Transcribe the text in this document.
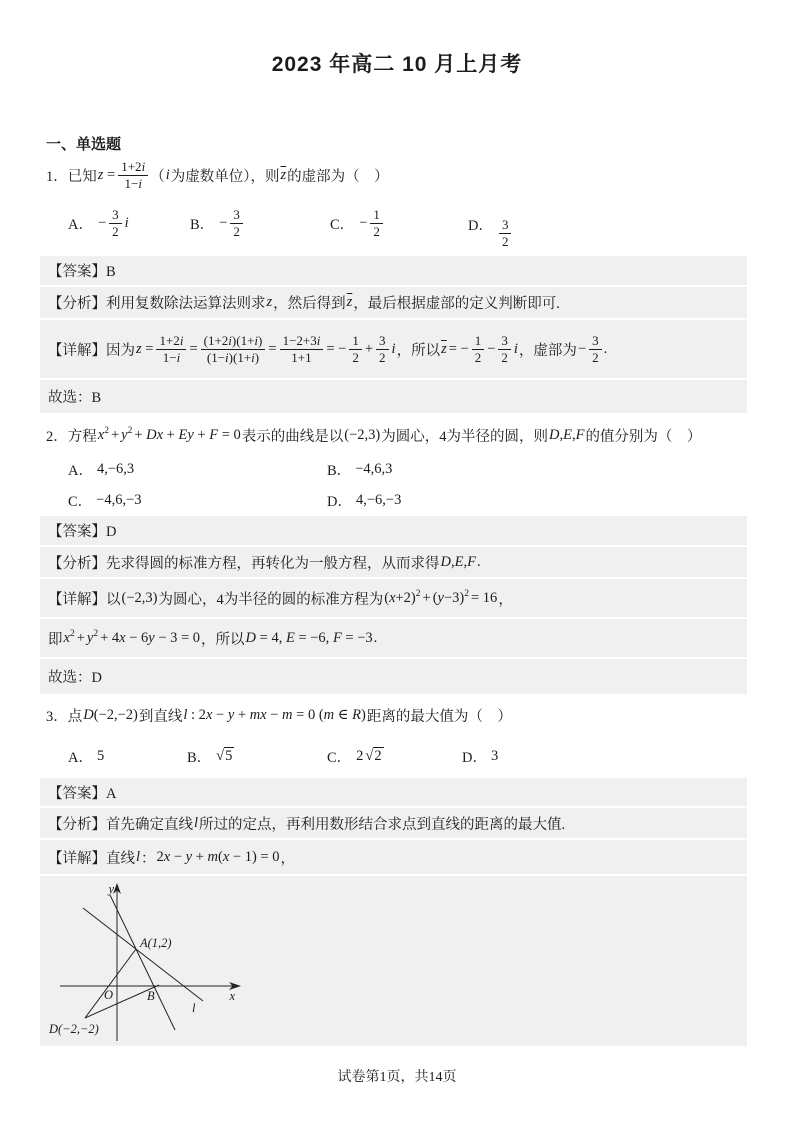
2023 年高二 10 月上月考
一、单选题
1．已知 $z = \frac{1+2i}{1-i}$ （ i 为虚数单位），则 $\overline{z}$ 的虚部为（　）
A． − $\frac{3}{2}$ i	B． − $\frac{3}{2}$	C． − $\frac{1}{2}$	D． 3
2
【答案】B
【分析】利用复数除法运算法则求 z ，然后得到 $\overline{z}$ ，最后根据虚部的定义判断即可.
【详解】因为 $z = \frac{1+2i}{1-i} = \frac{(1+2i)(1+i)}{(1-i)(1+i)} = \frac{1-2+3i}{1+1}$ = − $\frac{1}{2} + \frac{3}{2}$ i ，所以 $\overline{z}$ = − $\frac{1}{2} - \frac{3}{2}$ i ，虚部为 − $\frac{3}{2}$ .
故选：B
2．方程 $x^2 + y^2 + Dx + Ey + F = 0$ 表示的曲线是以 (−2,3) 为圆心，4为半径的圆，则 D,E,F 的值分别为（　）
A． 4,−6,3	B． −4,6,3
C． −4,6,−3	D． 4,−6,−3
【答案】D
【分析】先求得圆的标准方程，再转化为一般方程，从而求得 D,E,F .
【详解】以 (−2,3) 为圆心，4为半径的圆的标准方程为 $(x+2)^2 + (y-3)^2 = 16$ ，
即 $x^2 + y^2 + 4x - 6y - 3 = 0$ ，所以 D = 4, E = −6, F = −3 .
故选：D
3．点 D(−2,−2) 到直线 l : 2x − y + mx − m = 0 (m ∈ R) 距离的最大值为（　）
A． 5	B． √5	C． 2 √2	D． 3
【答案】A
【分析】首先确定直线 l 所过的定点，再利用数形结合求点到直线的距离的最大值.
【详解】直线 l ： 2x − y + m(x − 1) = 0 ，
y
x
O
A(1,2)
B
l
D(−2,−2)
试卷第1页，共14页
